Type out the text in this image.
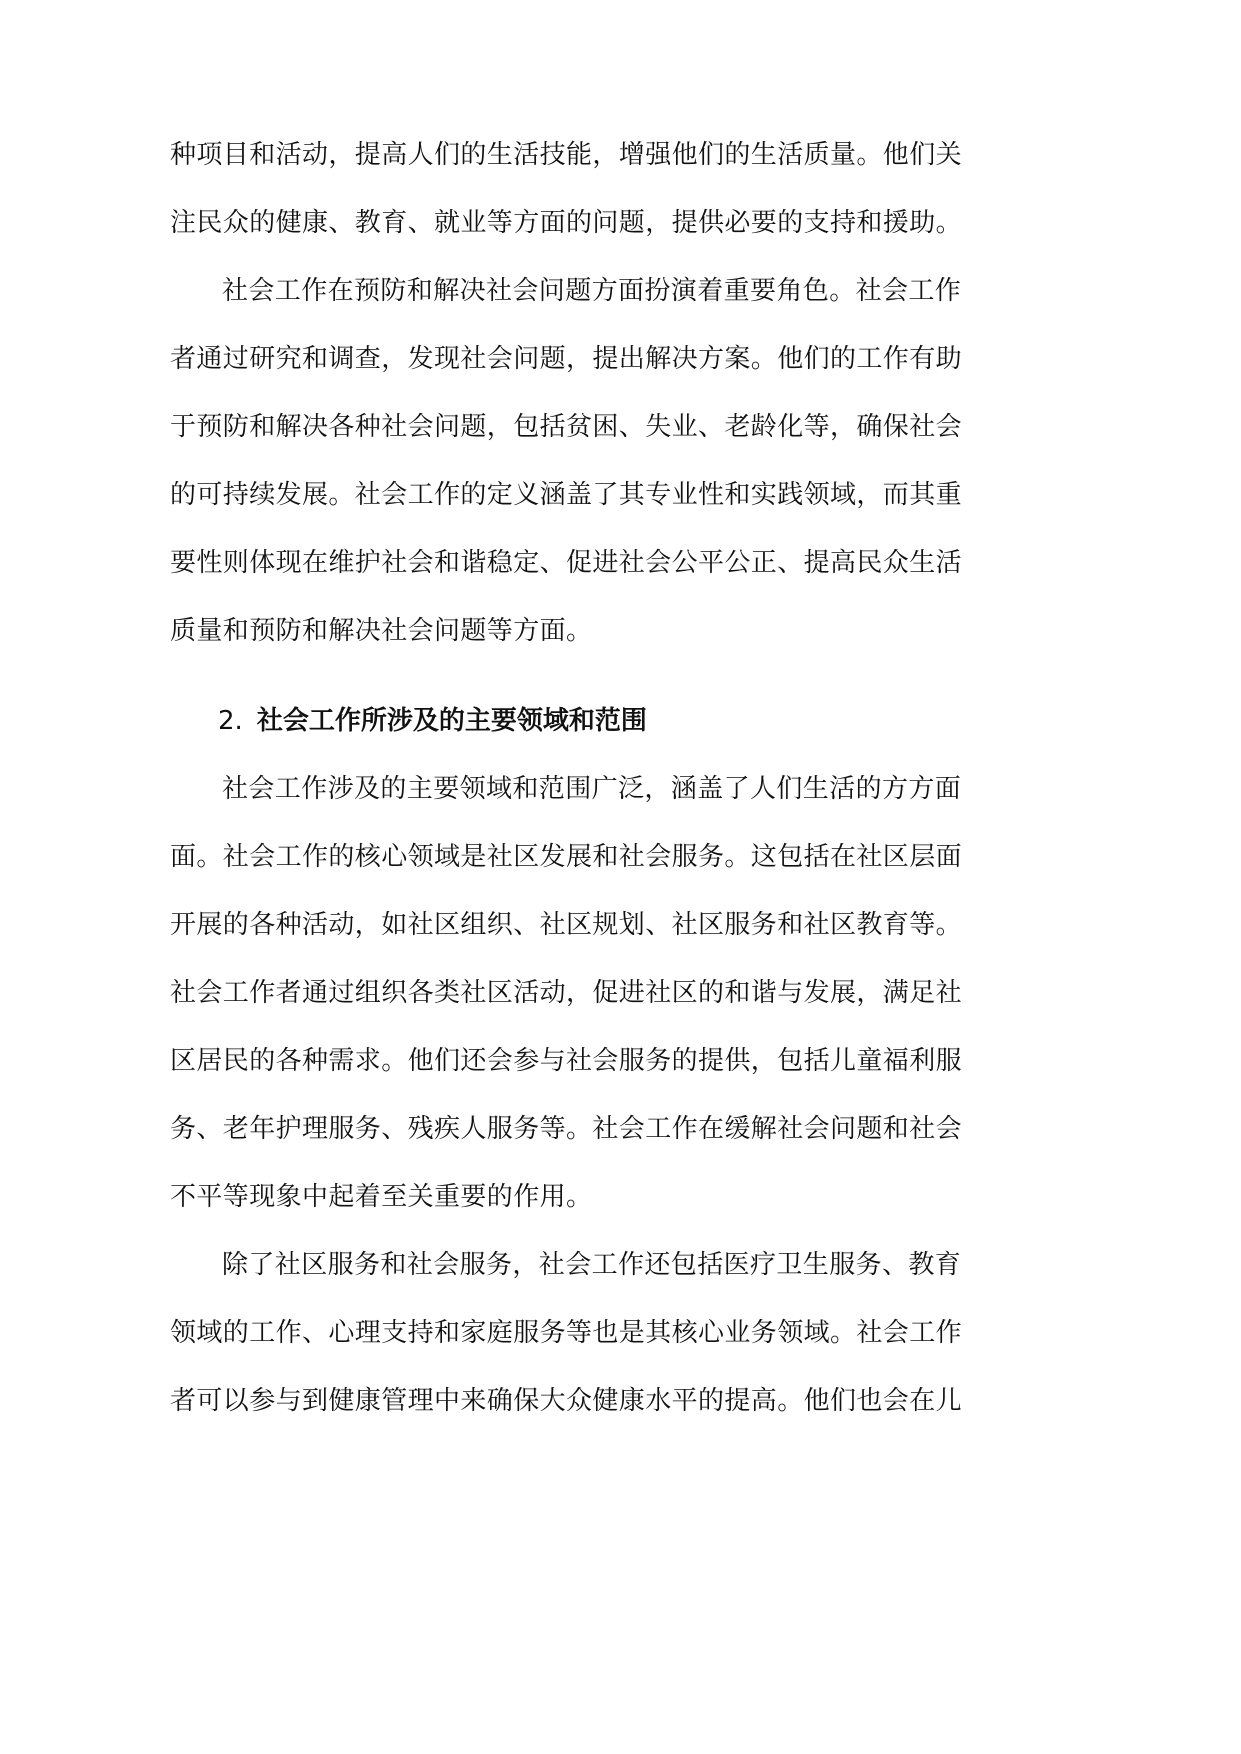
种项目和活动，提高人们的生活技能，增强他们的生活质量。他们关
注民众的健康、教育、就业等方面的问题，提供必要的支持和援助。
社会工作在预防和解决社会问题方面扮演着重要角色。社会工作
者通过研究和调查，发现社会问题，提出解决方案。他们的工作有助
于预防和解决各种社会问题，包括贫困、失业、老龄化等，确保社会
的可持续发展。社会工作的定义涵盖了其专业性和实践领域，而其重
要性则体现在维护社会和谐稳定、促进社会公平公正、提高民众生活
质量和预防和解决社会问题等方面。
2. 社会工作所涉及的主要领域和范围
社会工作涉及的主要领域和范围广泛，涵盖了人们生活的方方面
面。社会工作的核心领域是社区发展和社会服务。这包括在社区层面
开展的各种活动，如社区组织、社区规划、社区服务和社区教育等。
社会工作者通过组织各类社区活动，促进社区的和谐与发展，满足社
区居民的各种需求。他们还会参与社会服务的提供，包括儿童福利服
务、老年护理服务、残疾人服务等。社会工作在缓解社会问题和社会
不平等现象中起着至关重要的作用。
除了社区服务和社会服务，社会工作还包括医疗卫生服务、教育
领域的工作、心理支持和家庭服务等也是其核心业务领域。社会工作
者可以参与到健康管理中来确保大众健康水平的提高。他们也会在儿
